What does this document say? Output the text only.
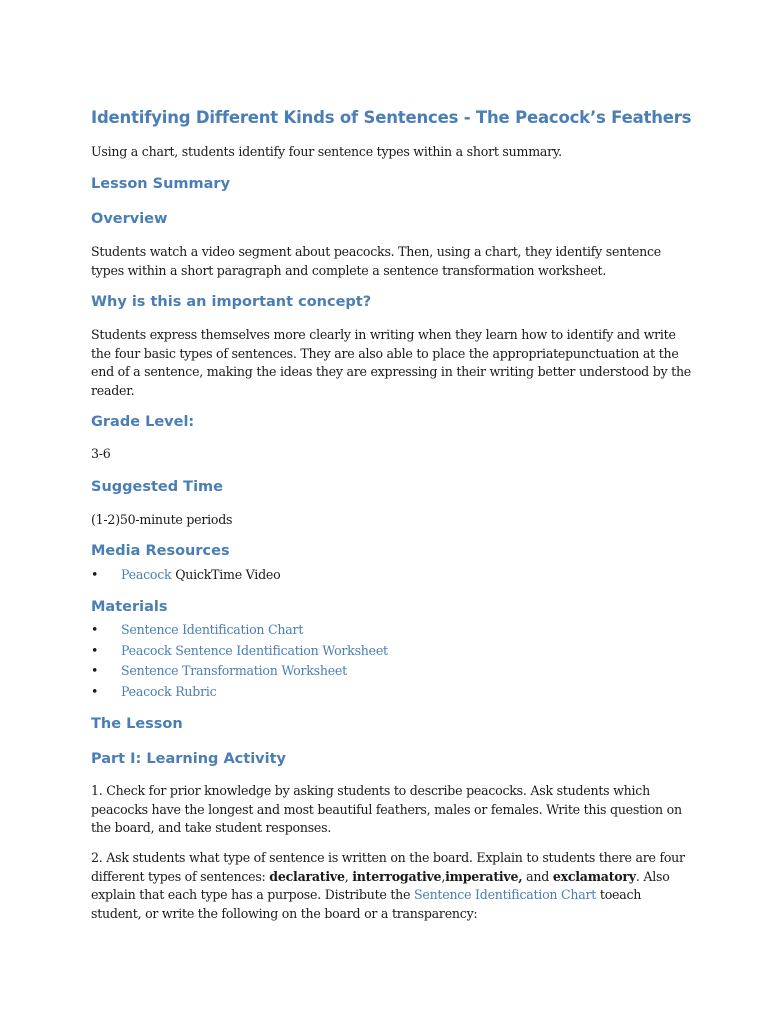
Identifying Different Kinds of Sentences - The Peacock’s Feathers

Using a chart, students identify four sentence types within a short summary.

Lesson Summary
Overview

Students watch a video segment about peacocks. Then, using a chart, they identify sentence types within a short paragraph and complete a sentence transformation worksheet.

Why is this an important concept?

Students express themselves more clearly in writing when they learn how to identify and write the four basic types of sentences. They are also able to place the appropriatepunctuation at the end of a sentence, making the ideas they are expressing in their writing better understood by the reader.

Grade Level:

3-6

Suggested Time

(1-2)50-minute periods

Media Resources
• Peacock QuickTime Video
Materials
• Sentence Identification Chart
• Peacock Sentence Identification Worksheet
• Sentence Transformation Worksheet
• Peacock Rubric
The Lesson
Part I: Learning Activity

1. Check for prior knowledge by asking students to describe peacocks. Ask students which peacocks have the longest and most beautiful feathers, males or females. Write this question on the board, and take student responses.

2. Ask students what type of sentence is written on the board. Explain to students there are four different types of sentences: declarative, interrogative,imperative, and exclamatory. Also explain that each type has a purpose. Distribute the Sentence Identification Chart toeach student, or write the following on the board or a transparency:
